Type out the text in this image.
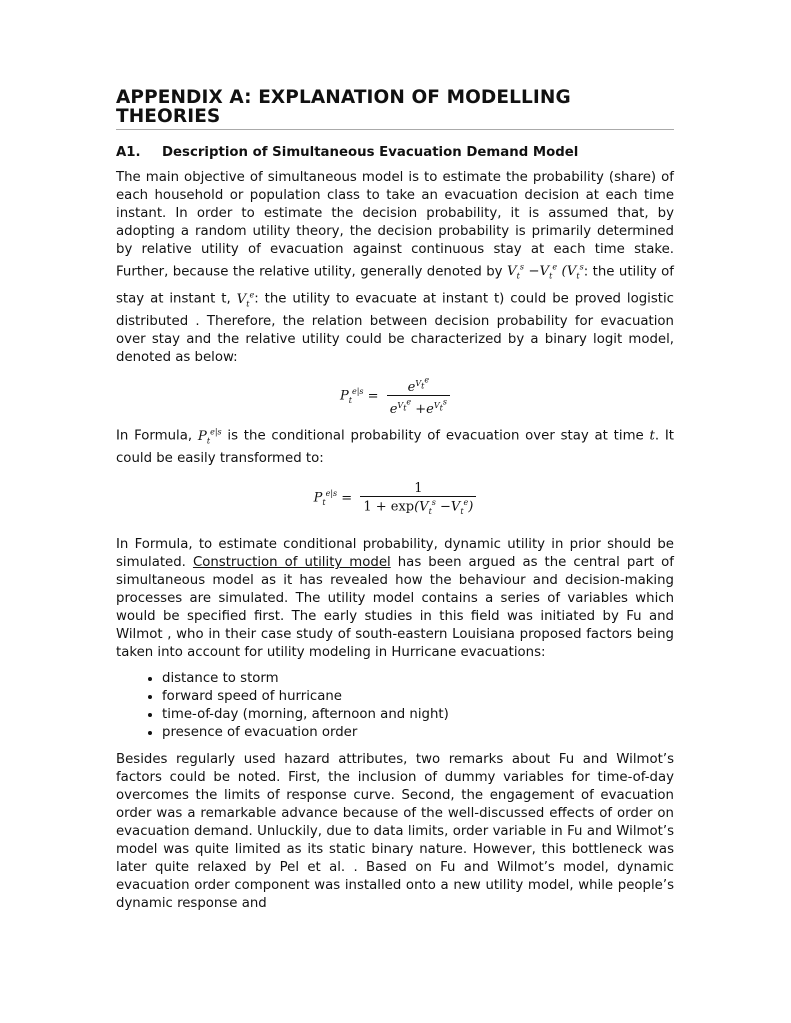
APPENDIX A: EXPLANATION OF MODELLING THEORIES
A1. Description of Simultaneous Evacuation Demand Model

The main objective of simultaneous model is to estimate the probability (share) of each household or population class to take an evacuation decision at each time instant. In order to estimate the decision probability, it is assumed that, by adopting a random utility theory, the decision probability is primarily determined by relative utility of evacuation against continuous stay at each time stake. Further, because the relative utility, generally denoted by $V_t^s -V_t^e$ ($V_t^s$: the utility of stay at instant t, $V_t^e$: the utility to evacuate at instant t) could be proved logistic distributed . Therefore, the relation between decision probability for evacuation over stay and the relative utility could be characterized by a binary logit model, denoted as below:

$P_t^{e|s} = \frac{e^{V_t^e}}{e^{V_t^e} +e^{V_t^s}}$

In Formula, $P_t^{e|s}$ is the conditional probability of evacuation over stay at time t. It could be easily transformed to:

$P_t^{e|s} = \frac{1}{1 + \exp(V_t^s -V_t^e)}$

In Formula, to estimate conditional probability, dynamic utility in prior should be simulated. Construction of utility model has been argued as the central part of simultaneous model as it has revealed how the behaviour and decision-making processes are simulated. The utility model contains a series of variables which would be specified first. The early studies in this field was initiated by Fu and Wilmot , who in their case study of south-eastern Louisiana proposed factors being taken into account for utility modeling in Hurricane evacuations:

• distance to storm
• forward speed of hurricane
• time-of-day (morning, afternoon and night)
• presence of evacuation order

Besides regularly used hazard attributes, two remarks about Fu and Wilmot’s factors could be noted. First, the inclusion of dummy variables for time-of-day overcomes the limits of response curve. Second, the engagement of evacuation order was a remarkable advance because of the well-discussed effects of order on evacuation demand. Unluckily, due to data limits, order variable in Fu and Wilmot’s model was quite limited as its static binary nature. However, this bottleneck was later quite relaxed by Pel et al. . Based on Fu and Wilmot’s model, dynamic evacuation order component was installed onto a new utility model, while people’s dynamic response and
